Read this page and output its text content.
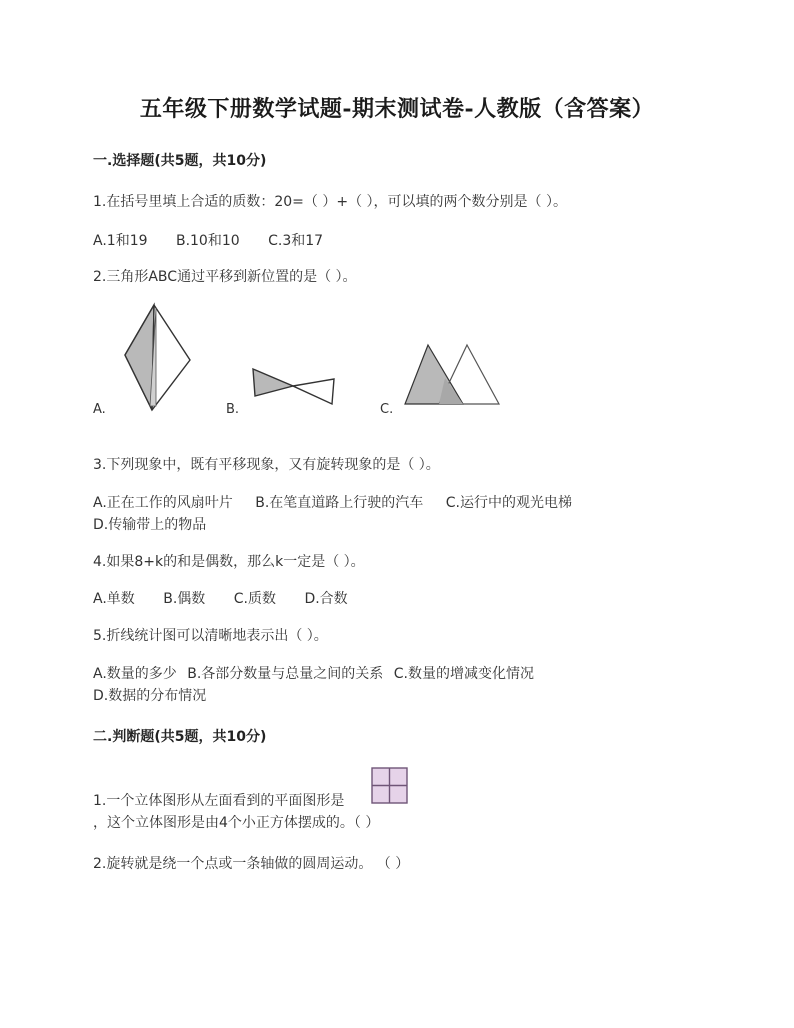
五年级下册数学试题-期末测试卷-人教版（含答案）
一.选择题(共5题，共10分)
1.在括号里填上合适的质数：20=（ ）+（ ），可以填的两个数分别是（ ）。
A.1和19 B.10和10 C.3和17
2.三角形ABC通过平移到新位置的是（ ）。
A.	B.	C.
3.下列现象中，既有平移现象，又有旋转现象的是（ ）。
A.正在工作的风扇叶片 B.在笔直道路上行驶的汽车 C.运行中的观光电梯
D.传输带上的物品
4.如果8+k的和是偶数，那么k一定是（ ）。
A.单数 B.偶数 C.质数 D.合数
5.折线统计图可以清晰地表示出（ ）。
A.数量的多少 B.各部分数量与总量之间的关系 C.数量的增减变化情况
D.数据的分布情况
二.判断题(共5题，共10分)
1.一个立体图形从左面看到的平面图形是
，这个立体图形是由4个小正方体摆成的。（ ）
2.旋转就是绕一个点或一条轴做的圆周运动。 （ ）
